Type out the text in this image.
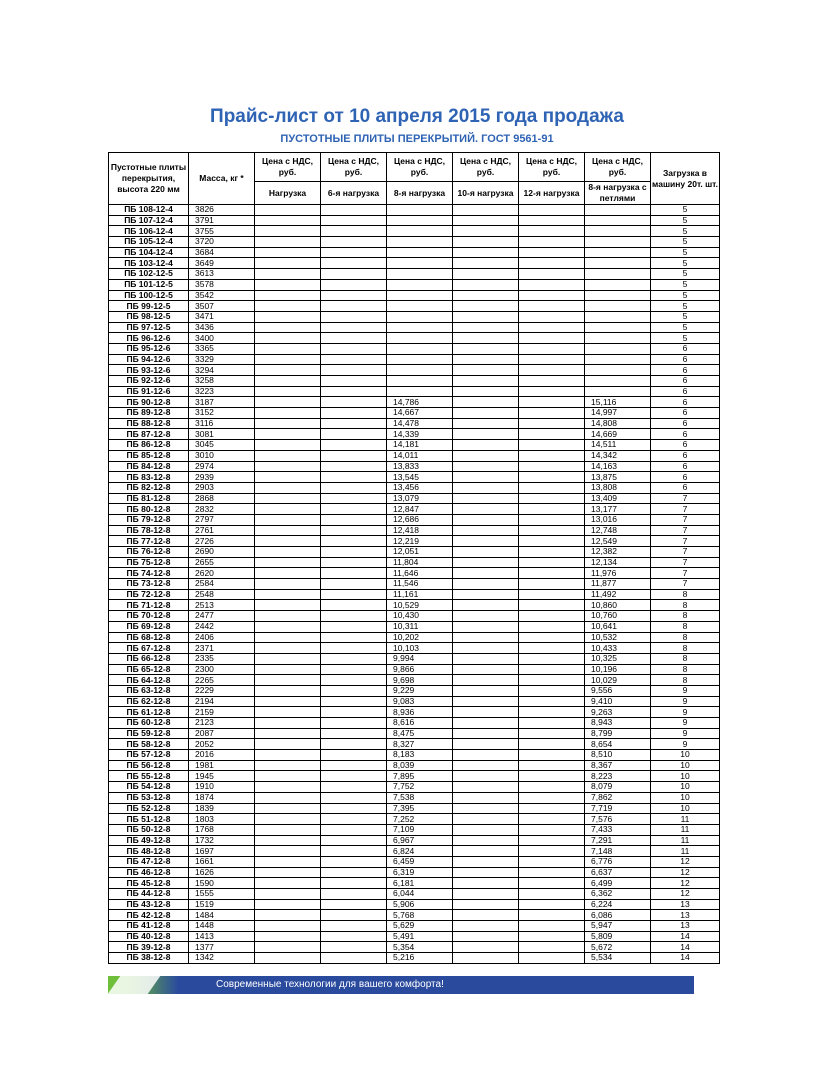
Прайс-лист от 10 апреля 2015 года продажа
ПУСТОТНЫЕ ПЛИТЫ ПЕРЕКРЫТИЙ. ГОСТ 9561-91
Пустотные плиты перекрытия, высота 220 мм	Масса, кг *	Цена с НДС, руб.	Цена с НДС, руб.	Цена с НДС, руб.	Цена с НДС, руб.	Цена с НДС, руб.	Цена с НДС, руб.	Загрузка в машину 20т. шт.
		Нагрузка	6-я нагрузка	8-я нагрузка	10-я нагрузка	12-я нагрузка	8-я нагрузка с петлями	
ПБ 108-12-4	3826							5
ПБ 107-12-4	3791							5
ПБ 106-12-4	3755							5
ПБ 105-12-4	3720							5
ПБ 104-12-4	3684							5
ПБ 103-12-4	3649							5
ПБ 102-12-5	3613							5
ПБ 101-12-5	3578							5
ПБ 100-12-5	3542							5
ПБ 99-12-5	3507							5
ПБ 98-12-5	3471							5
ПБ 97-12-5	3436							5
ПБ 96-12-6	3400							5
ПБ 95-12-6	3365							6
ПБ 94-12-6	3329							6
ПБ 93-12-6	3294							6
ПБ 92-12-6	3258							6
ПБ 91-12-6	3223							6
ПБ 90-12-8	3187			14,786			15,116	6
ПБ 89-12-8	3152			14,667			14,997	6
ПБ 88-12-8	3116			14,478			14,808	6
ПБ 87-12-8	3081			14,339			14,669	6
ПБ 86-12-8	3045			14,181			14,511	6
ПБ 85-12-8	3010			14,011			14,342	6
ПБ 84-12-8	2974			13,833			14,163	6
ПБ 83-12-8	2939			13,545			13,875	6
ПБ 82-12-8	2903			13,456			13,808	6
ПБ 81-12-8	2868			13,079			13,409	7
ПБ 80-12-8	2832			12,847			13,177	7
ПБ 79-12-8	2797			12,686			13,016	7
ПБ 78-12-8	2761			12,418			12,748	7
ПБ 77-12-8	2726			12,219			12,549	7
ПБ 76-12-8	2690			12,051			12,382	7
ПБ 75-12-8	2655			11,804			12,134	7
ПБ 74-12-8	2620			11,646			11,976	7
ПБ 73-12-8	2584			11,546			11,877	7
ПБ 72-12-8	2548			11,161			11,492	8
ПБ 71-12-8	2513			10,529			10,860	8
ПБ 70-12-8	2477			10,430			10,760	8
ПБ 69-12-8	2442			10,311			10,641	8
ПБ 68-12-8	2406			10,202			10,532	8
ПБ 67-12-8	2371			10,103			10,433	8
ПБ 66-12-8	2335			9,994			10,325	8
ПБ 65-12-8	2300			9,866			10,196	8
ПБ 64-12-8	2265			9,698			10,029	8
ПБ 63-12-8	2229			9,229			9,556	9
ПБ 62-12-8	2194			9,083			9,410	9
ПБ 61-12-8	2159			8,936			9,263	9
ПБ 60-12-8	2123			8,616			8,943	9
ПБ 59-12-8	2087			8,475			8,799	9
ПБ 58-12-8	2052			8,327			8,654	9
ПБ 57-12-8	2016			8,183			8,510	10
ПБ 56-12-8	1981			8,039			8,367	10
ПБ 55-12-8	1945			7,895			8,223	10
ПБ 54-12-8	1910			7,752			8,079	10
ПБ 53-12-8	1874			7,538			7,862	10
ПБ 52-12-8	1839			7,395			7,719	10
ПБ 51-12-8	1803			7,252			7,576	11
ПБ 50-12-8	1768			7,109			7,433	11
ПБ 49-12-8	1732			6,967			7,291	11
ПБ 48-12-8	1697			6,824			7,148	11
ПБ 47-12-8	1661			6,459			6,776	12
ПБ 46-12-8	1626			6,319			6,637	12
ПБ 45-12-8	1590			6,181			6,499	12
ПБ 44-12-8	1555			6,044			6,362	12
ПБ 43-12-8	1519			5,906			6,224	13
ПБ 42-12-8	1484			5,768			6,086	13
ПБ 41-12-8	1448			5,629			5,947	13
ПБ 40-12-8	1413			5,491			5,809	14
ПБ 39-12-8	1377			5,354			5,672	14
ПБ 38-12-8	1342			5,216			5,534	14
Современные технологии для вашего комфорта!
